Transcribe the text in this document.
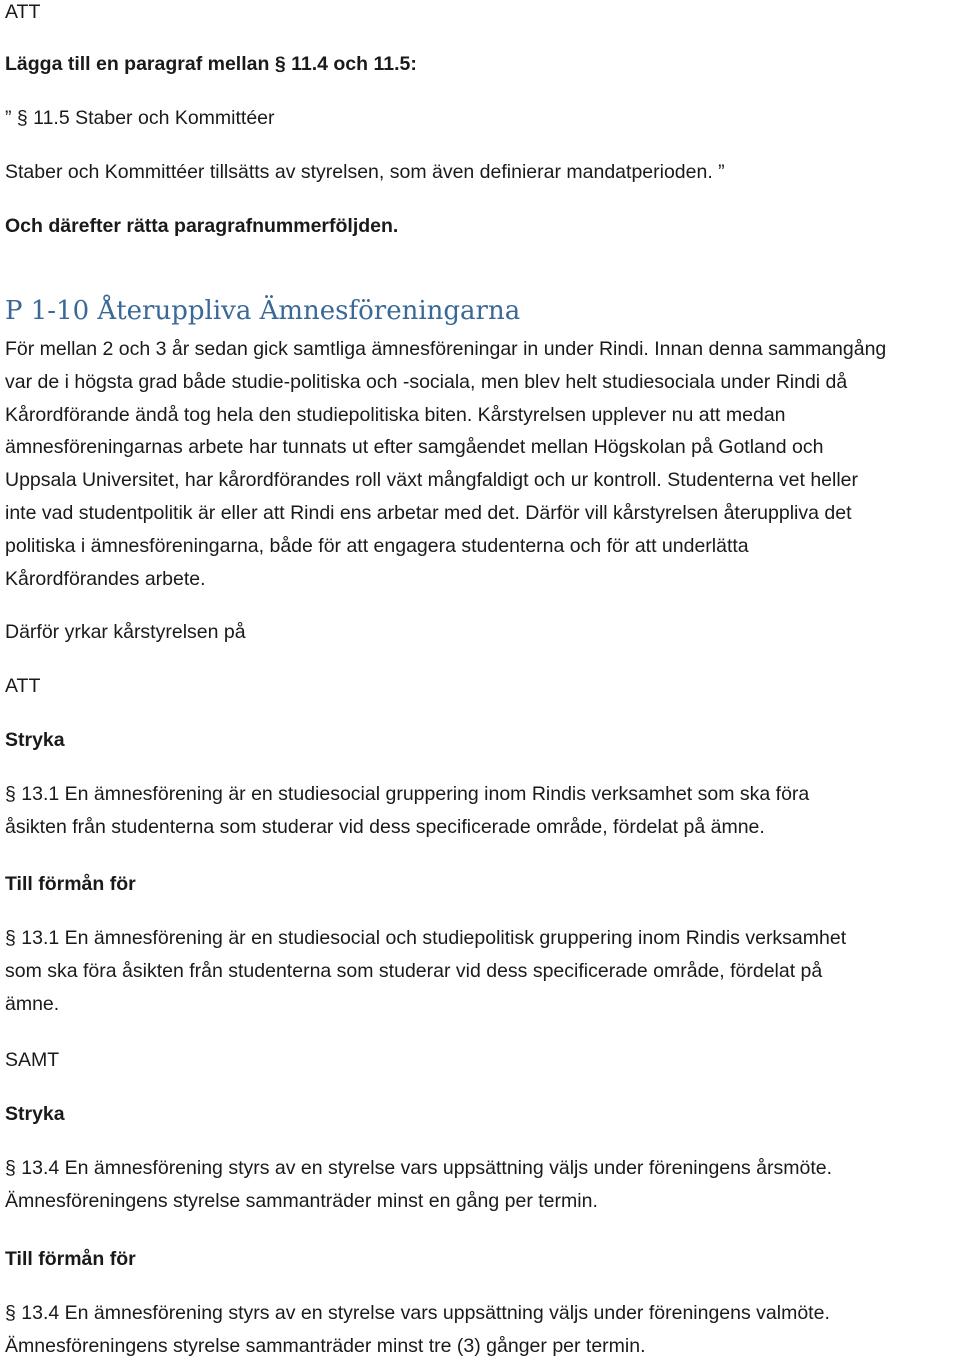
ATT

Lägga till en paragraf mellan § 11.4 och 11.5:

” § 11.5 Staber och Kommittéer

Staber och Kommittéer tillsätts av styrelsen, som även definierar mandatperioden. ”

Och därefter rätta paragrafnummerföljden.

P 1-10 Återuppliva Ämnesföreningarna
För mellan 2 och 3 år sedan gick samtliga ämnesföreningar in under Rindi. Innan denna sammangång
var de i högsta grad både studie-politiska och -sociala, men blev helt studiesociala under Rindi då
Kårordförande ändå tog hela den studiepolitiska biten. Kårstyrelsen upplever nu att medan
ämnesföreningarnas arbete har tunnats ut efter samgåendet mellan Högskolan på Gotland och
Uppsala Universitet, har kårordförandes roll växt mångfaldigt och ur kontroll. Studenterna vet heller
inte vad studentpolitik är eller att Rindi ens arbetar med det. Därför vill kårstyrelsen återuppliva det
politiska i ämnesföreningarna, både för att engagera studenterna och för att underlätta
Kårordförandes arbete.

Därför yrkar kårstyrelsen på

ATT

Stryka

§ 13.1 En ämnesförening är en studiesocial gruppering inom Rindis verksamhet som ska föra
åsikten från studenterna som studerar vid dess specificerade område, fördelat på ämne.

Till förmån för

§ 13.1 En ämnesförening är en studiesocial och studiepolitisk gruppering inom Rindis verksamhet
som ska föra åsikten från studenterna som studerar vid dess specificerade område, fördelat på
ämne.

SAMT

Stryka

§ 13.4 En ämnesförening styrs av en styrelse vars uppsättning väljs under föreningens årsmöte.
Ämnesföreningens styrelse sammanträder minst en gång per termin.

Till förmån för

§ 13.4 En ämnesförening styrs av en styrelse vars uppsättning väljs under föreningens valmöte.
Ämnesföreningens styrelse sammanträder minst tre (3) gånger per termin.
